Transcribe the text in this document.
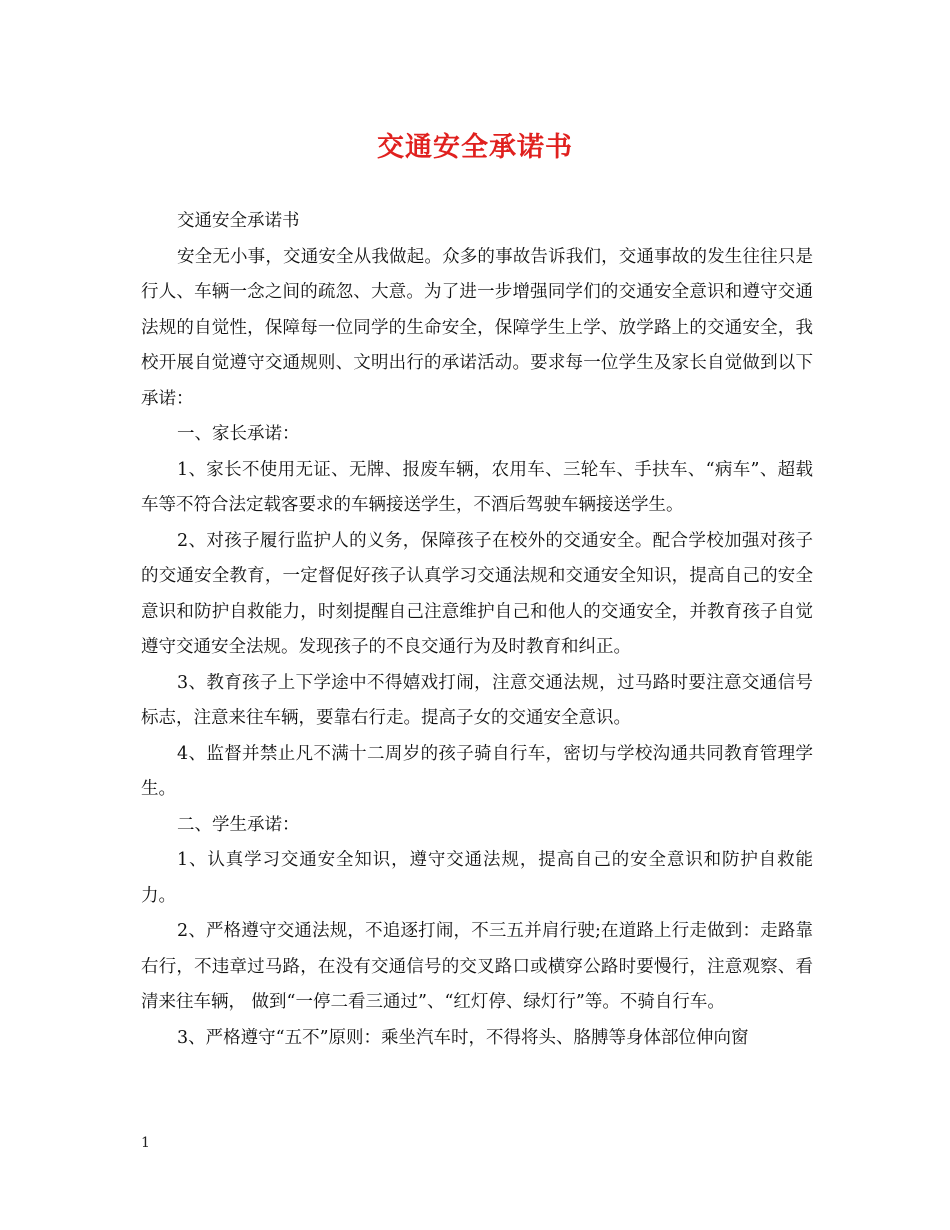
交通安全承诺书

交通安全承诺书

安全无小事，交通安全从我做起。众多的事故告诉我们，交通事故的发生往往只是行人、车辆一念之间的疏忽、大意。为了进一步增强同学们的交通安全意识和遵守交通法规的自觉性，保障每一位同学的生命安全，保障学生上学、放学路上的交通安全，我校开展自觉遵守交通规则、文明出行的承诺活动。要求每一位学生及家长自觉做到以下承诺：

一、家长承诺：

1、家长不使用无证、无牌、报废车辆，农用车、三轮车、手扶车、“病车”、超载车等不符合法定载客要求的车辆接送学生，不酒后驾驶车辆接送学生。

2、对孩子履行监护人的义务，保障孩子在校外的交通安全。配合学校加强对孩子的交通安全教育，一定督促好孩子认真学习交通法规和交通安全知识，提高自己的安全意识和防护自救能力，时刻提醒自己注意维护自己和他人的交通安全，并教育孩子自觉遵守交通安全法规。发现孩子的不良交通行为及时教育和纠正。

3、教育孩子上下学途中不得嬉戏打闹，注意交通法规，过马路时要注意交通信号标志，注意来往车辆，要靠右行走。提高子女的交通安全意识。

4、监督并禁止凡不满十二周岁的孩子骑自行车，密切与学校沟通共同教育管理学生。

二、学生承诺：

1、认真学习交通安全知识，遵守交通法规，提高自己的安全意识和防护自救能力。

2、严格遵守交通法规，不追逐打闹，不三五并肩行驶;在道路上行走做到：走路靠右行，不违章过马路，在没有交通信号的交叉路口或横穿公路时要慢行，注意观察、看清来往车辆， 做到“一停二看三通过”、“红灯停、绿灯行”等。不骑自行车。

3、严格遵守“五不”原则：乘坐汽车时，不得将头、胳膊等身体部位伸向窗

1
